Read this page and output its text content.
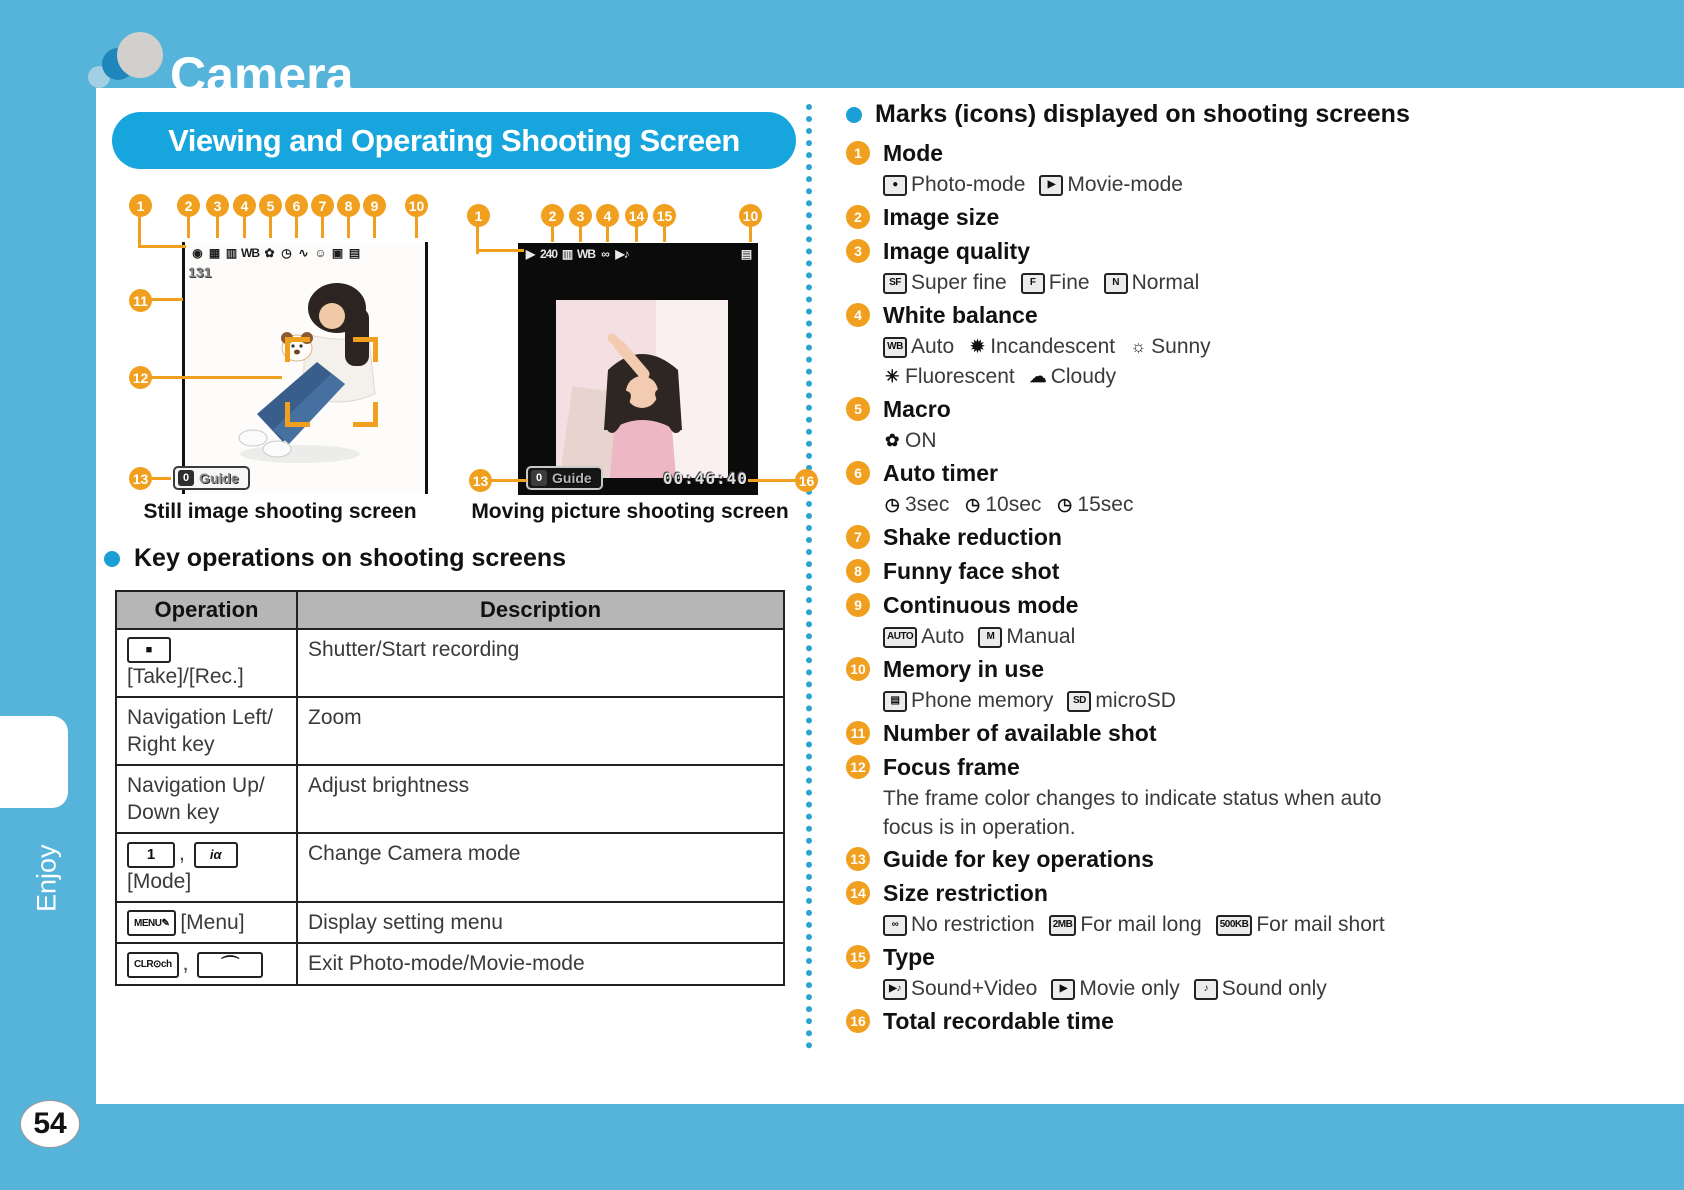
Camera
Enjoy
54
Viewing and Operating Shooting Screen
◉ ▦ ▥ WB ✿ ◷ ∿ ☺ ▣ ▤
131
0 Guide
▶ 240 ▥ WB ∞ ▶♪	▤
0 Guide	00:46:40
Still image shooting screen	Moving picture shooting screen
Key operations on shooting screens
Operation	Description
■[Take]/[Rec.]	Shutter/Start recording
Navigation Left/ Right key	Zoom
Navigation Up/ Down key	Adjust brightness
1 , iα[Mode]	Change Camera mode
MENU✎ [Menu]	Display setting menu
CLR⊙ch , ⌒	Exit Photo-mode/Movie-mode
Marks (icons) displayed on shooting screens
1 Mode
● Photo-mode	▶ Movie-mode
2 Image size
3 Image quality
SF Super fine	F Fine	N Normal
4 White balance
WB Auto ✹ Incandescent ☼ Sunny
✳ Fluorescent ☁ Cloudy
5 Macro
✿ ON
6 Auto timer
◷ 3sec ◷ 10sec ◷ 15sec
7 Shake reduction
8 Funny face shot
9 Continuous mode
AUTO Auto	M Manual
10 Memory in use
▤ Phone memory	SD microSD
11 Number of available shot
12 Focus frame
The frame color changes to indicate status when auto focus is in operation.
13 Guide for key operations
14 Size restriction
∞ No restriction	2MB For mail long	500KB For mail short
15 Type
▶♪ Sound+Video	▶ Movie only	♪ Sound only
16 Total recordable time
1	2	3	4	5	6	7	8	9	10
11
12
13
1	2	3	4	14 15	10
13	16
